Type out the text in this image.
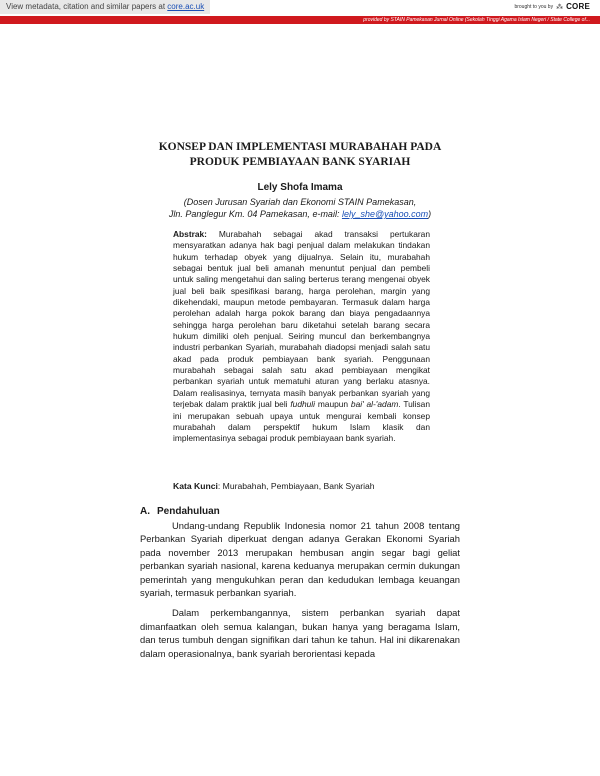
View metadata, citation and similar papers at core.ac.uk	brought to you by ⁂ CORE
provided by STAIN Pamekasan Jurnal Online (Sekolah Tinggi Agama Islam Negeri / State College of...
KONSEP DAN IMPLEMENTASI MURABAHAH PADA
PRODUK PEMBIAYAAN BANK SYARIAH
Lely Shofa Imama
(Dosen Jurusan Syariah dan Ekonomi STAIN Pamekasan,
Jln. Panglegur Km. 04 Pamekasan, e-mail: lely_she@yahoo.com)
Abstrak: Murabahah sebagai akad transaksi pertukaran mensyaratkan adanya hak bagi penjual dalam melakukan tindakan hukum terhadap obyek yang dijualnya. Selain itu, murabahah sebagai bentuk jual beli amanah menuntut penjual dan pembeli untuk saling mengetahui dan saling berterus terang mengenai obyek jual beli baik spesifikasi barang, harga perolehan, margin yang dikehendaki, maupun metode pembayaran. Termasuk dalam harga perolehan adalah harga pokok barang dan biaya pengadaannya sehingga harga perolehan baru diketahui setelah barang secara hukum dimiliki oleh penjual. Seiring muncul dan berkembangnya industri perbankan Syariah, murabahah diadopsi menjadi salah satu akad pada produk pembiayaan bank syariah. Penggunaan murabahah sebagai salah satu akad pembiayaan mengikat perbankan syariah untuk mematuhi aturan yang berlaku atasnya. Dalam realisasinya, ternyata masih banyak perbankan syariah yang terjebak dalam praktik jual beli fudhuli maupun bai' al-'adam. Tulisan ini merupakan sebuah upaya untuk mengurai kembali konsep murabahah dalam perspektif hukum Islam klasik dan implementasinya sebagai produk pembiayaan bank syariah.
Kata Kunci: Murabahah, Pembiayaan, Bank Syariah
A. Pendahuluan

Undang-undang Republik Indonesia nomor 21 tahun 2008 tentang Perbankan Syariah diperkuat dengan adanya Gerakan Ekonomi Syariah pada november 2013 merupakan hembusan angin segar bagi geliat perbankan syariah nasional, karena keduanya merupakan cermin dukungan pemerintah yang mengukuhkan peran dan kedudukan lembaga keuangan syariah, termasuk perbankan syariah.

Dalam perkembangannya, sistem perbankan syariah dapat dimanfaatkan oleh semua kalangan, bukan hanya yang beragama Islam, dan terus tumbuh dengan signifikan dari tahun ke tahun. Hal ini dikarenakan dalam operasionalnya, bank syariah berorientasi kepada
